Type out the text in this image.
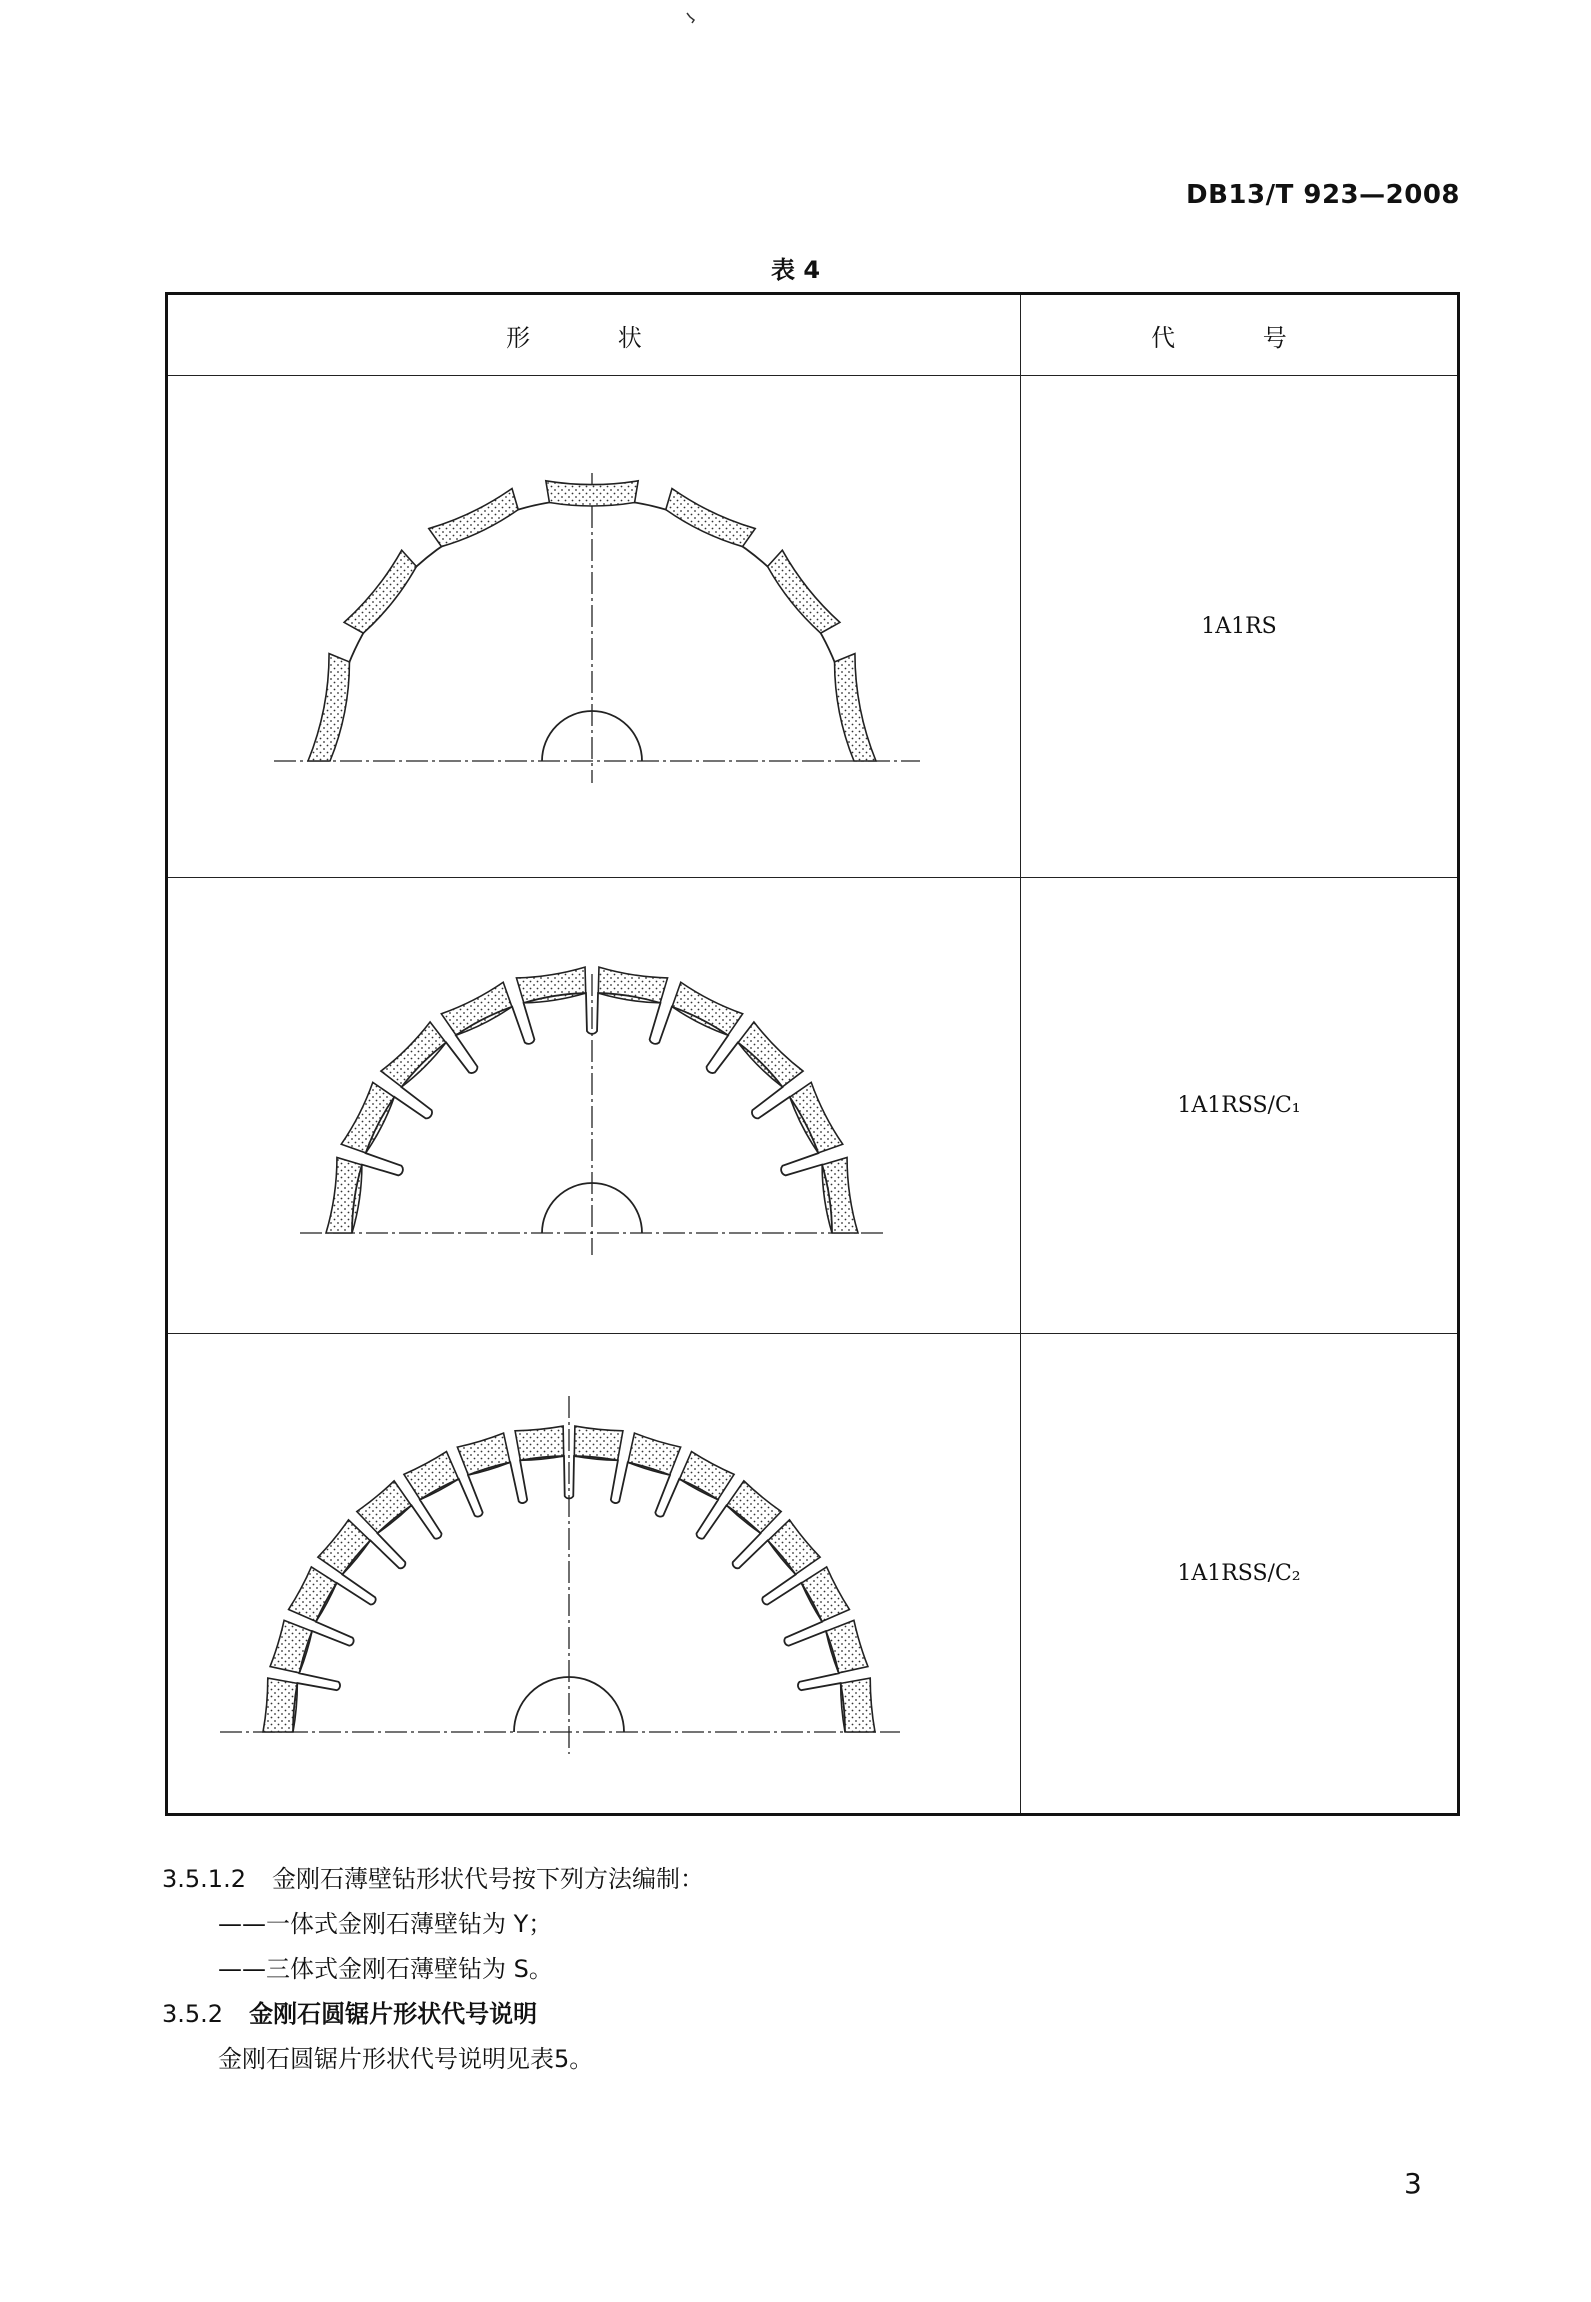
DB13/T 923—2008
表 4
形 状	代 号

	1A1RS

	1A1RSS/C₁

	1A1RSS/C₂
3.5.1.2 金刚石薄壁钻形状代号按下列方法编制：
——一体式金刚石薄壁钻为 Y；
——三体式金刚石薄壁钻为 S。
3.5.2 金刚石圆锯片形状代号说明
金刚石圆锯片形状代号说明见表5。
3
